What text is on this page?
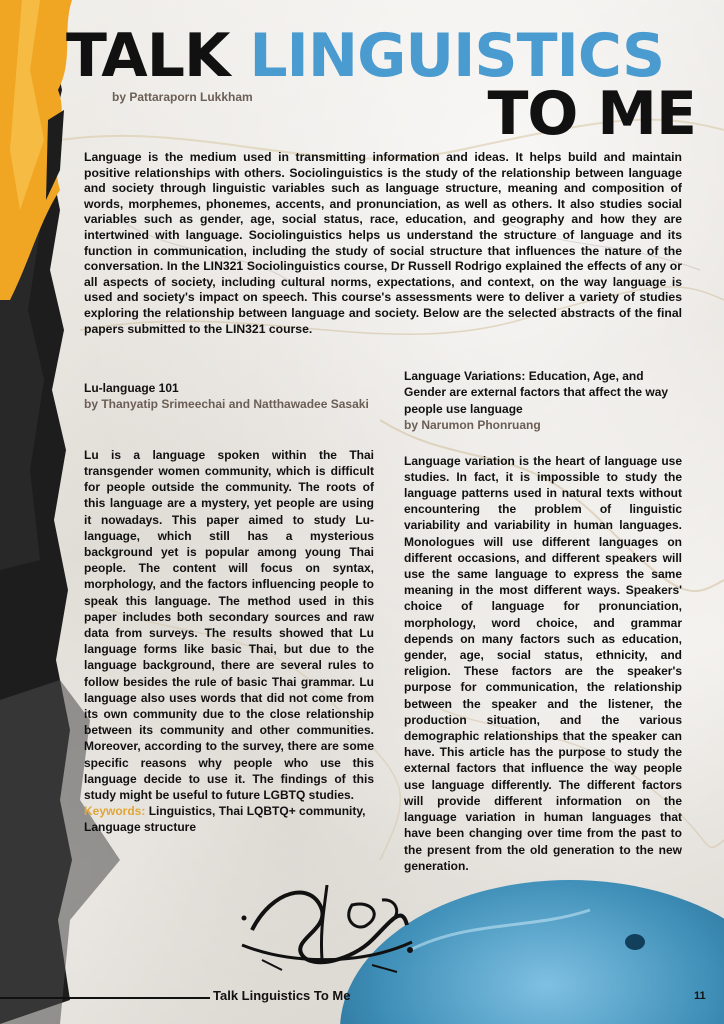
TALK LINGUISTICS
by Pattaraporn Lukkham	TO ME

Language is the medium used in transmitting information and ideas. It helps build and maintain positive relationships with others. Sociolinguistics is the study of the relationship between language and society through linguistic variables such as language structure, meaning and composition of words, morphemes, phonemes, accents, and pronunciation, as well as others. It also studies social variables such as gender, age, social status, race, education, and geography and how they are intertwined with language. Sociolinguistics helps us understand the structure of language and its function in communication, including the study of social structure that influences the nature of the conversation. In the LIN321 Sociolinguistics course, Dr Russell Rodrigo explained the effects of any or all aspects of society, including cultural norms, expectations, and context, on the way language is used and society's impact on speech. This course's assessments were to deliver a variety of studies exploring the relationship between language and society. Below are the selected abstracts of the final papers submitted to the LIN321 course.

Lu-language 101

by Thanyatip Srimeechai and Natthawadee Sasaki

Lu is a language spoken within the Thai transgender women community, which is difficult for people outside the community. The roots of this language are a mystery, yet people are using it nowadays. This paper aimed to study Lu-language, which still has a mysterious background yet is popular among young Thai people. The content will focus on syntax, morphology, and the factors influencing people to speak this language. The method used in this paper includes both secondary sources and raw data from surveys. The results showed that Lu language forms like basic Thai, but due to the language background, there are several rules to follow besides the rule of basic Thai grammar. Lu language also uses words that did not come from its own community due to the close relationship between its community and other communities. Moreover, according to the survey, there are some specific reasons why people who use this language decide to use it. The findings of this study might be useful to future LGBTQ studies.

Keywords: Linguistics, Thai LQBTQ+ community, Language structure

Language Variations: Education, Age, and Gender are external factors that affect the way people use language

by Narumon Phonruang

Language variation is the heart of language use studies. In fact, it is impossible to study the language patterns used in natural texts without encountering the problem of linguistic variability and variability in human languages. Monologues will use different languages on different occasions, and different speakers will use the same language to express the same meaning in the most different ways. Speakers' choice of language for pronunciation, morphology, word choice, and grammar depends on many factors such as education, gender, age, social status, ethnicity, and religion. These factors are the speaker's purpose for communication, the relationship between the speaker and the listener, the production situation, and the various demographic relationships that the speaker can have. This article has the purpose to study the external factors that influence the way people use language differently. The different factors will provide different information on the language variation in human languages that have been changing over time from the past to the present from the old generation to the new generation.

Talk Linguistics To Me	11
